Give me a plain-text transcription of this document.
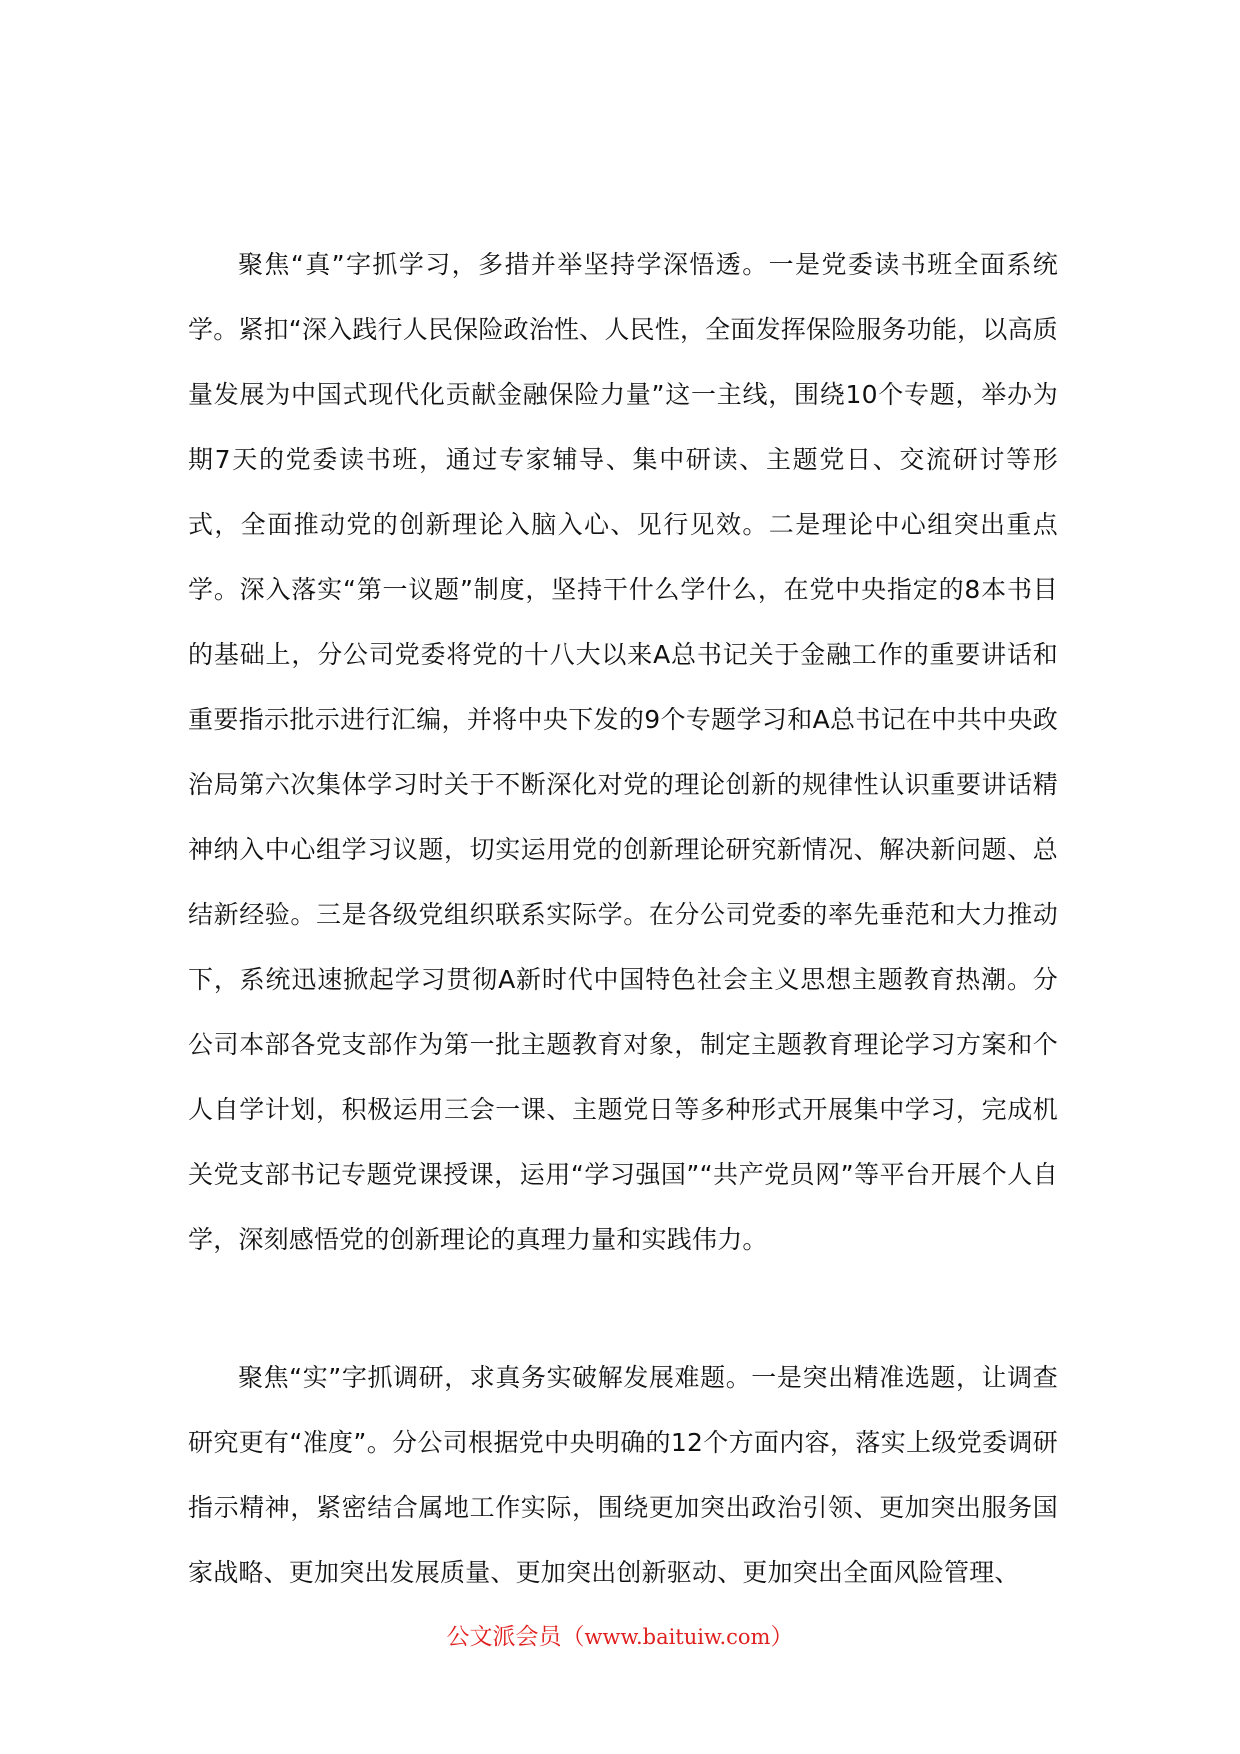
聚焦“真”字抓学习，多措并举坚持学深悟透。一是党委读书班全面系统学。紧扣“深入践行人民保险政治性、人民性，全面发挥保险服务功能，以高质量发展为中国式现代化贡献金融保险力量”这一主线，围绕10个专题，举办为期7天的党委读书班，通过专家辅导、集中研读、主题党日、交流研讨等形式，全面推动党的创新理论入脑入心、见行见效。二是理论中心组突出重点学。深入落实“第一议题”制度，坚持干什么学什么，在党中央指定的8本书目的基础上，分公司党委将党的十八大以来A总书记关于金融工作的重要讲话和重要指示批示进行汇编，并将中央下发的9个专题学习和A总书记在中共中央政治局第六次集体学习时关于不断深化对党的理论创新的规律性认识重要讲话精神纳入中心组学习议题，切实运用党的创新理论研究新情况、解决新问题、总结新经验。三是各级党组织联系实际学。在分公司党委的率先垂范和大力推动下，系统迅速掀起学习贯彻A新时代中国特色社会主义思想主题教育热潮。分公司本部各党支部作为第一批主题教育对象，制定主题教育理论学习方案和个人自学计划，积极运用三会一课、主题党日等多种形式开展集中学习，完成机关党支部书记专题党课授课，运用“学习强国”“共产党员网”等平台开展个人自学，深刻感悟党的创新理论的真理力量和实践伟力。

聚焦“实”字抓调研，求真务实破解发展难题。一是突出精准选题，让调查研究更有“准度”。分公司根据党中央明确的12个方面内容，落实上级党委调研指示精神，紧密结合属地工作实际，围绕更加突出政治引领、更加突出服务国家战略、更加突出发展质量、更加突出创新驱动、更加突出全面风险管理、

公文派会员（www.baituiw.com）
